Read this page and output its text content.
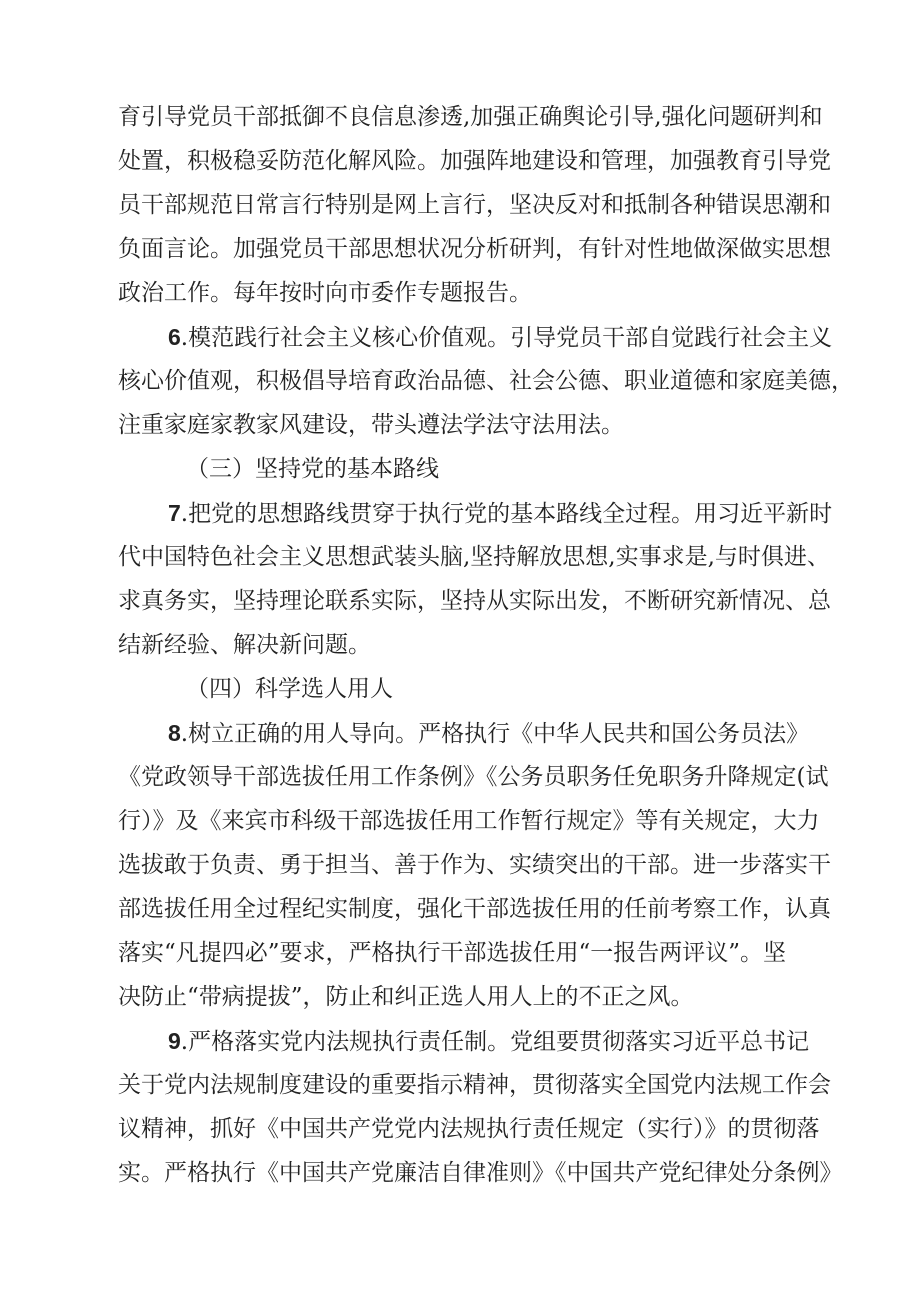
育引导党员干部抵御不良信息渗透,加强正确舆论引导,强化问题研判和
处置，积极稳妥防范化解风险。加强阵地建设和管理，加强教育引导党
员干部规范日常言行特别是网上言行，坚决反对和抵制各种错误思潮和
负面言论。加强党员干部思想状况分析研判，有针对性地做深做实思想
政治工作。每年按时向市委作专题报告。
6.模范践行社会主义核心价值观。引导党员干部自觉践行社会主义
核心价值观，积极倡导培育政治品德、社会公德、职业道德和家庭美德，
注重家庭家教家风建设，带头遵法学法守法用法。
（三）坚持党的基本路线
7.把党的思想路线贯穿于执行党的基本路线全过程。用习近平新时
代中国特色社会主义思想武装头脑,坚持解放思想,实事求是,与时俱进、
求真务实，坚持理论联系实际，坚持从实际出发，不断研究新情况、总
结新经验、解决新问题。
（四）科学选人用人
8.树立正确的用人导向。严格执行《中华人民共和国公务员法》
《党政领导干部选拔任用工作条例》《公务员职务任免职务升降规定(试
行）》及《来宾市科级干部选拔任用工作暂行规定》等有关规定，大力
选拔敢于负责、勇于担当、善于作为、实绩突出的干部。进一步落实干
部选拔任用全过程纪实制度，强化干部选拔任用的任前考察工作，认真
落实“凡提四必”要求，严格执行干部选拔任用“一报告两评议”。坚
决防止“带病提拔”，防止和纠正选人用人上的不正之风。
9.严格落实党内法规执行责任制。党组要贯彻落实习近平总书记
关于党内法规制度建设的重要指示精神，贯彻落实全国党内法规工作会
议精神，抓好《中国共产党党内法规执行责任规定（实行）》的贯彻落
实。严格执行《中国共产党廉洁自律准则》《中国共产党纪律处分条例》
